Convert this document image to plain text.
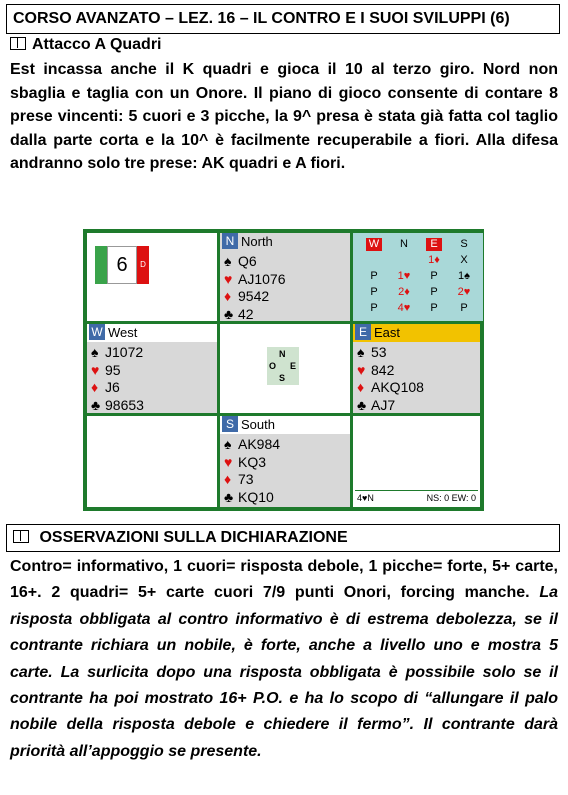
CORSO AVANZATO – LEZ. 16 – IL CONTRO E I SUOI SVILUPPI (6)
Attacco A Quadri
Est incassa anche il K quadri e gioca il 10 al terzo giro. Nord non sbaglia e taglia con un Onore. Il piano di gioco consente di contare 8 prese vincenti: 5 cuori e 3 picche, la 9^ presa è stata già fatta col taglio dalla parte corta e la 10^ è facilmente recuperabile a fiori. Alla difesa andranno solo tre prese: AK quadri e A fiori.
6	D
N North
♠ Q6
♥ AJ1076
♦ 9542
♣ 42
W	N	E	S
		1♦	X
P	1♥	P	1♠
P	2♦	P	2♥
P	4♥	P	P
W West
♠ J1072
♥ 95
♦ J6
♣ 98653
N
O E
S
E East
♠ 53
♥ 842
♦ AKQ108
♣ AJ7
S South
♠ AK984
♥ KQ3
♦ 73
♣ KQ10	4♥N	NS: 0 EW: 0
OSSERVAZIONI SULLA DICHIARAZIONE
Contro= informativo, 1 cuori= risposta debole, 1 picche= forte, 5+ carte, 16+. 2 quadri= 5+ carte cuori 7/9 punti Onori, forcing manche. La risposta obbligata al contro informativo è di estrema debolezza, se il contrante richiara un nobile, è forte, anche a livello uno e mostra 5 carte. La surlicita dopo una risposta obbligata è possibile solo se il contrante ha poi mostrato 16+ P.O. e ha lo scopo di “allungare il palo nobile della risposta debole e chiedere il fermo”. Il contrante darà priorità all’appoggio se presente.
